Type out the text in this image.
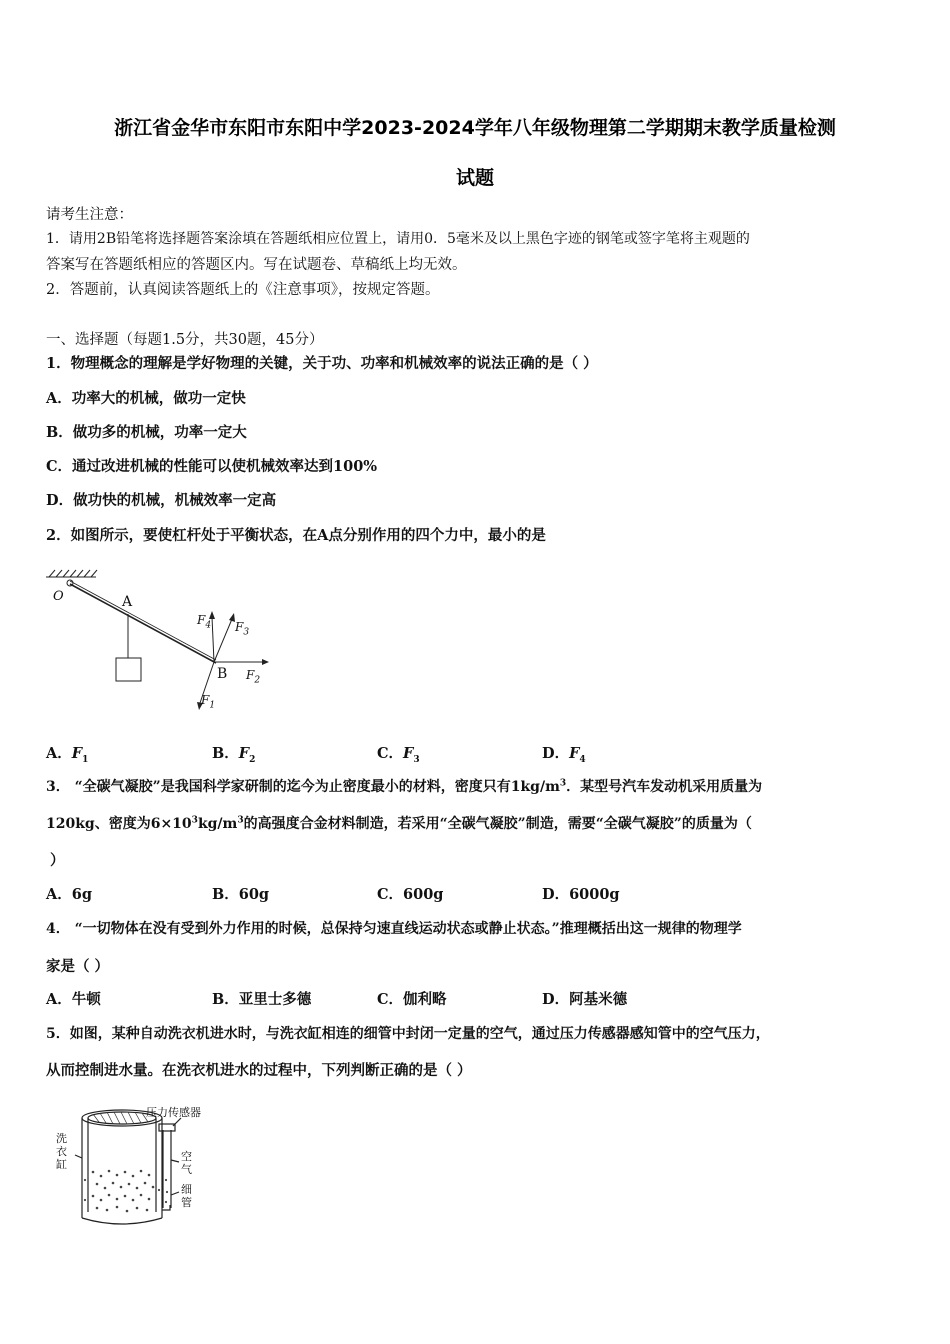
浙江省金华市东阳市东阳中学2023-2024学年八年级物理第二学期期末教学质量检测
试题
请考生注意：
1．请用2B铅笔将选择题答案涂填在答题纸相应位置上，请用0．5毫米及以上黑色字迹的钢笔或签字笔将主观题的
答案写在答题纸相应的答题区内。写在试题卷、草稿纸上均无效。
2．答题前，认真阅读答题纸上的《注意事项》，按规定答题。
一、选择题（每题1.5分，共30题，45分）
1．物理概念的理解是学好物理的关键，关于功、功率和机械效率的说法正确的是（ ）
A．功率大的机械，做功一定快
B．做功多的机械，功率一定大
C．通过改进机械的性能可以使机械效率达到100%
D．做功快的机械，机械效率一定高
2．如图所示，要使杠杆处于平衡状态，在A点分别作用的四个力中，最小的是
O	A
B
$F_4$ $F_3$
$F_2$
$F_1$
A．$F_1$	B．$F_2$	C．$F_3$	D．$F_4$
3． “全碳气凝胶”是我国科学家研制的迄今为止密度最小的材料，密度只有$1kg/m^3$．某型号汽车发动机采用质量为
120kg、密度为$6\times 10^3kg/m^3$的高强度合金材料制造，若采用“全碳气凝胶”制造，需要“全碳气凝胶”的质量为（
）
A．6g	B．60g	C．600g	D．6000g
4． “一切物体在没有受到外力作用的时候，总保持匀速直线运动状态或静止状态。”推理概括出这一规律的物理学
家是（ ）
A．牛顿	B．亚里士多德	C．伽利略	D．阿基米德
5．如图，某种自动洗衣机进水时，与洗衣缸相连的细管中封闭一定量的空气，通过压力传感器感知管中的空气压力，
从而控制进水量。在洗衣机进水的过程中，下列判断正确的是（ ）
压力传感器
洗
衣
缸
空
气
细
管
